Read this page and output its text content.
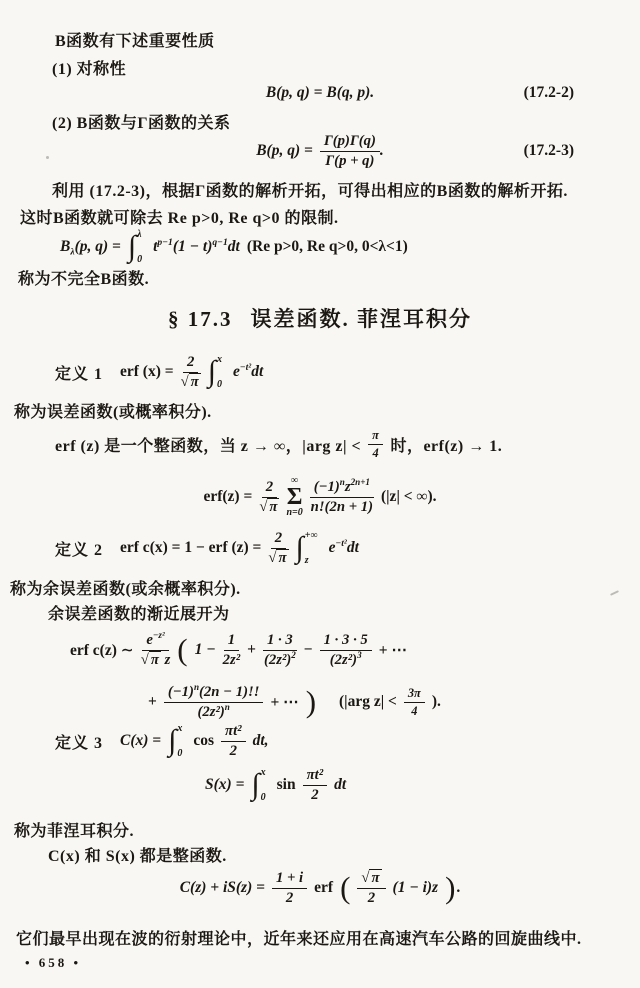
B函数有下述重要性质

(1) 对称性

B(p, q) = B(q, p).	(17.2-2)

(2) B函数与Γ函数的关系

B(p, $q) = \frac{\Gamma(p)\Gamma(q)}{\Gamma(p + q)}$ .	(17.2-3)

利用 (17.2-3)，根据Γ函数的解析开拓，可得出相应的B函数的解析开拓.

这时B函数就可除去 Re p>0, Re q>0 的限制.

$B_\lambda(p$, q) = ∫ λ
0
$t^{p-1}(1 - t)^{q-1}dt$ (Re p>0, Re q>0, 0<λ<1)

称为不完全B函数.

§ 17.3 误差函数. 菲涅耳积分
定义 1 erf $(x) = \frac{2}{√ \pi}$ ∫ x
0
$e^{-t^2}dt$

称为误差函数(或概率积分).

erf (z) 是一个整函数，当 z → ∞，|arg $z| < \frac{\pi}{4}$ 时，erf(z) → 1.
$erf(z) = \frac{2}{√ \pi}$ ∞
Σ
$n=0 \frac{(-1)^nz^{2n+1}}{n!(2n + 1)} (|z|$ < ∞).
定义 2 erf c(x) = 1 − erf $(z) = \frac{2}{√ \pi}$ ∫ +∞
z
$e^{-t^2}dt$

称为余误差函数(或余概率积分).

余误差函数的渐近展开为

erf c(z) ∼ $\frac{e^{-z^2}}{\text{√ π z}}$ ( $1 - \frac{1}{\text{2z²}} + \frac{1 \cdot 3}{(2z^2)^2} - \frac{1 \cdot 3 \cdot 5}{(2z^2)^3}$ + ⋯
+ $\frac{(-1)^n(2n - 1)!!}{(2z^2)^n}$ + ⋯ ) (|arg $z| < \frac{3\pi}{4}$ ).
定义 3 C(x) = ∫ x
0
$\cos \frac{\text{πt²}}{2}$ dt,
S(x) = ∫ x
0
$\sin \frac{\text{πt²}}{2}$ dt

称为菲涅耳积分.

C(x) 和 S(x) 都是整函数.

$C(z) + iS(z) = \frac{1 + i}{2}$ erf ( $\frac{√ \pi}{2} (1 - i)z$ ) .

它们最早出现在波的衍射理论中，近年来还应用在高速汽车公路的回旋曲线中.

• 658 •
